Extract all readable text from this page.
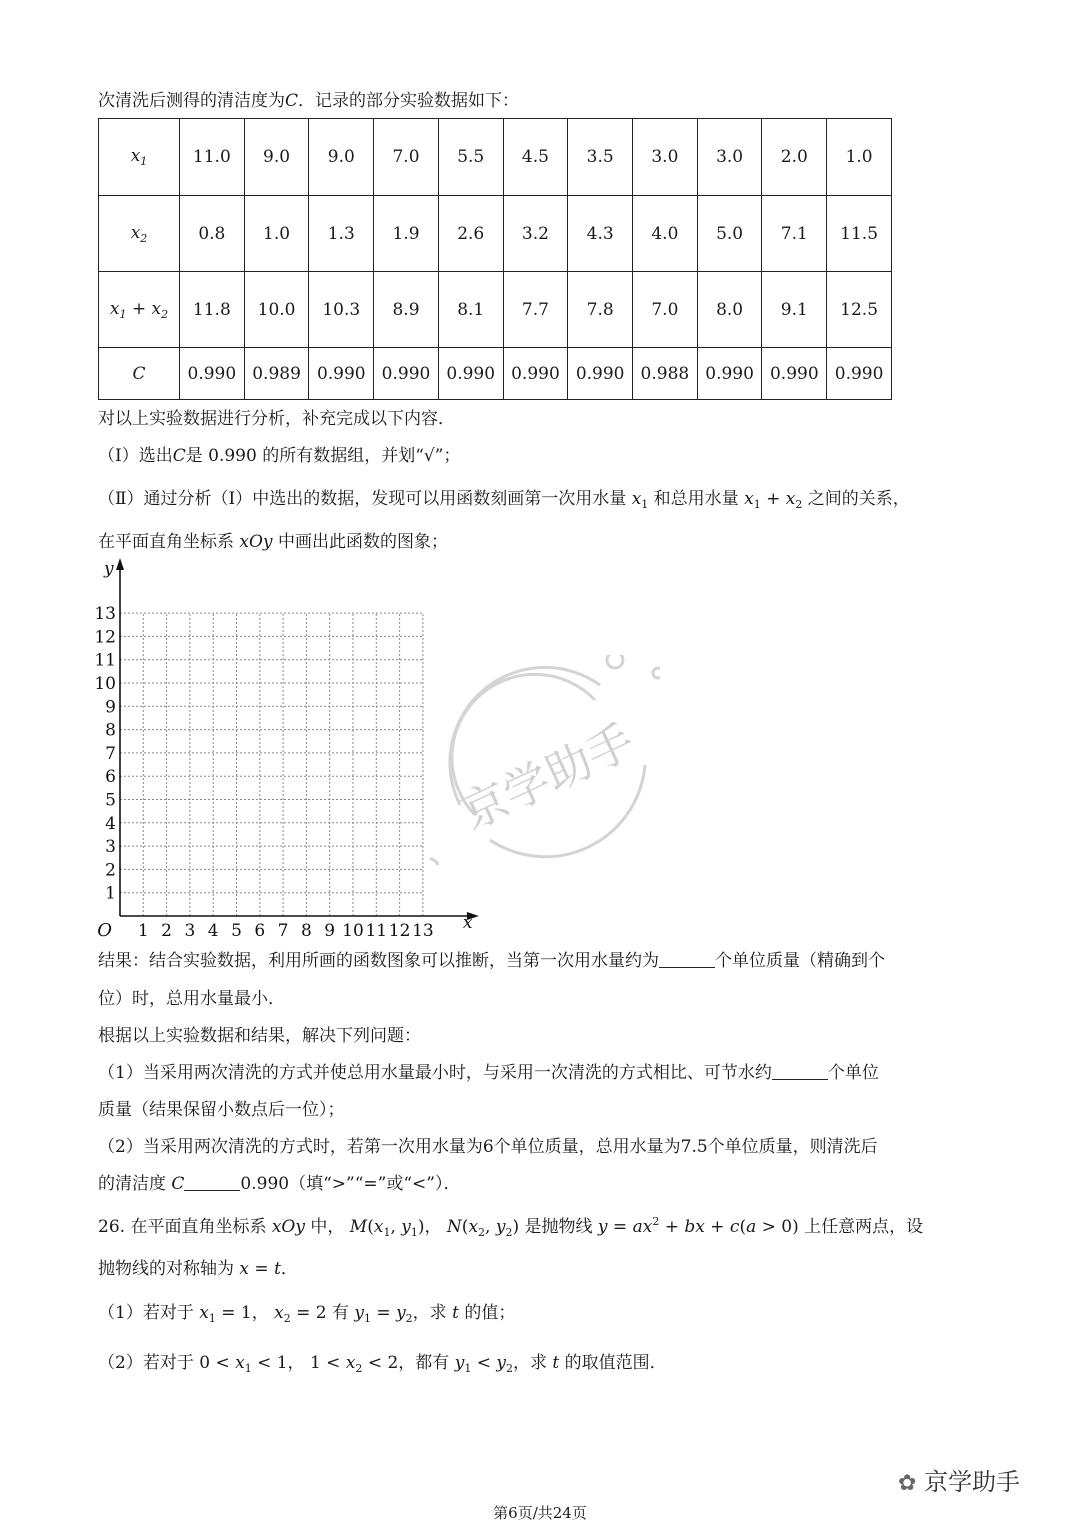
次清洗后测得的清洁度为C．记录的部分实验数据如下：
$x_1$	11.0	9.0	9.0	7.0	5.5	4.5	3.5	3.0	3.0	2.0	1.0
$x_2$	0.8	1.0	1.3	1.9	2.6	3.2	4.3	4.0	5.0	7.1	11.5
$x_1 + x_2$	11.8	10.0	10.3	8.9	8.1	7.7	7.8	7.0	8.0	9.1	12.5
C	0.990	0.989	0.990	0.990	0.990	0.990	0.990	0.988	0.990	0.990	0.990
对以上实验数据进行分析，补充完成以下内容．
（Ⅰ）选出C是 0.990 的所有数据组，并划“√”；
（Ⅱ）通过分析（Ⅰ）中选出的数据，发现可以用函数刻画第一次用水量 $x_1$ 和总用水量 $x_1 + x_2$ 之间的关系，
在平面直角坐标系 xOy 中画出此函数的图象；
1 2 3 4 5 6 7 8 9 10 11 12 13
1
2
3
4
5
6
7
8
9
10
11
12
13
O	x
y
京学助手
结果：结合实验数据，利用所画的函数图象可以推断，当第一次用水量约为	个单位质量（精确到个
位）时，总用水量最小．
根据以上实验数据和结果，解决下列问题：
（1）当采用两次清洗的方式并使总用水量最小时，与采用一次清洗的方式相比、可节水约	个单位
质量（结果保留小数点后一位）；
（2）当采用两次清洗的方式时，若第一次用水量为6个单位质量，总用水量为7.5个单位质量，则清洗后
的清洁度 C	0.990（填“>”“=”或“<”）．
26. 在平面直角坐标系 xOy 中， $M(x_1$, $y_1$)， $N(x_2$, $y_2$) 是抛物线 $y = ax^2$ + bx + c(a > 0) 上任意两点，设
抛物线的对称轴为 x = t．
（1）若对于 $x_1 = 1$， $x_2 = 2$ 有 $y_1 = y_2$，求 t 的值；
（2）若对于 $0 < x_1 < 1$， $1 < x_2 < 2$，都有 $y_1 < y_2$，求 t 的取值范围．
✿ 京学助手
第6页/共24页
